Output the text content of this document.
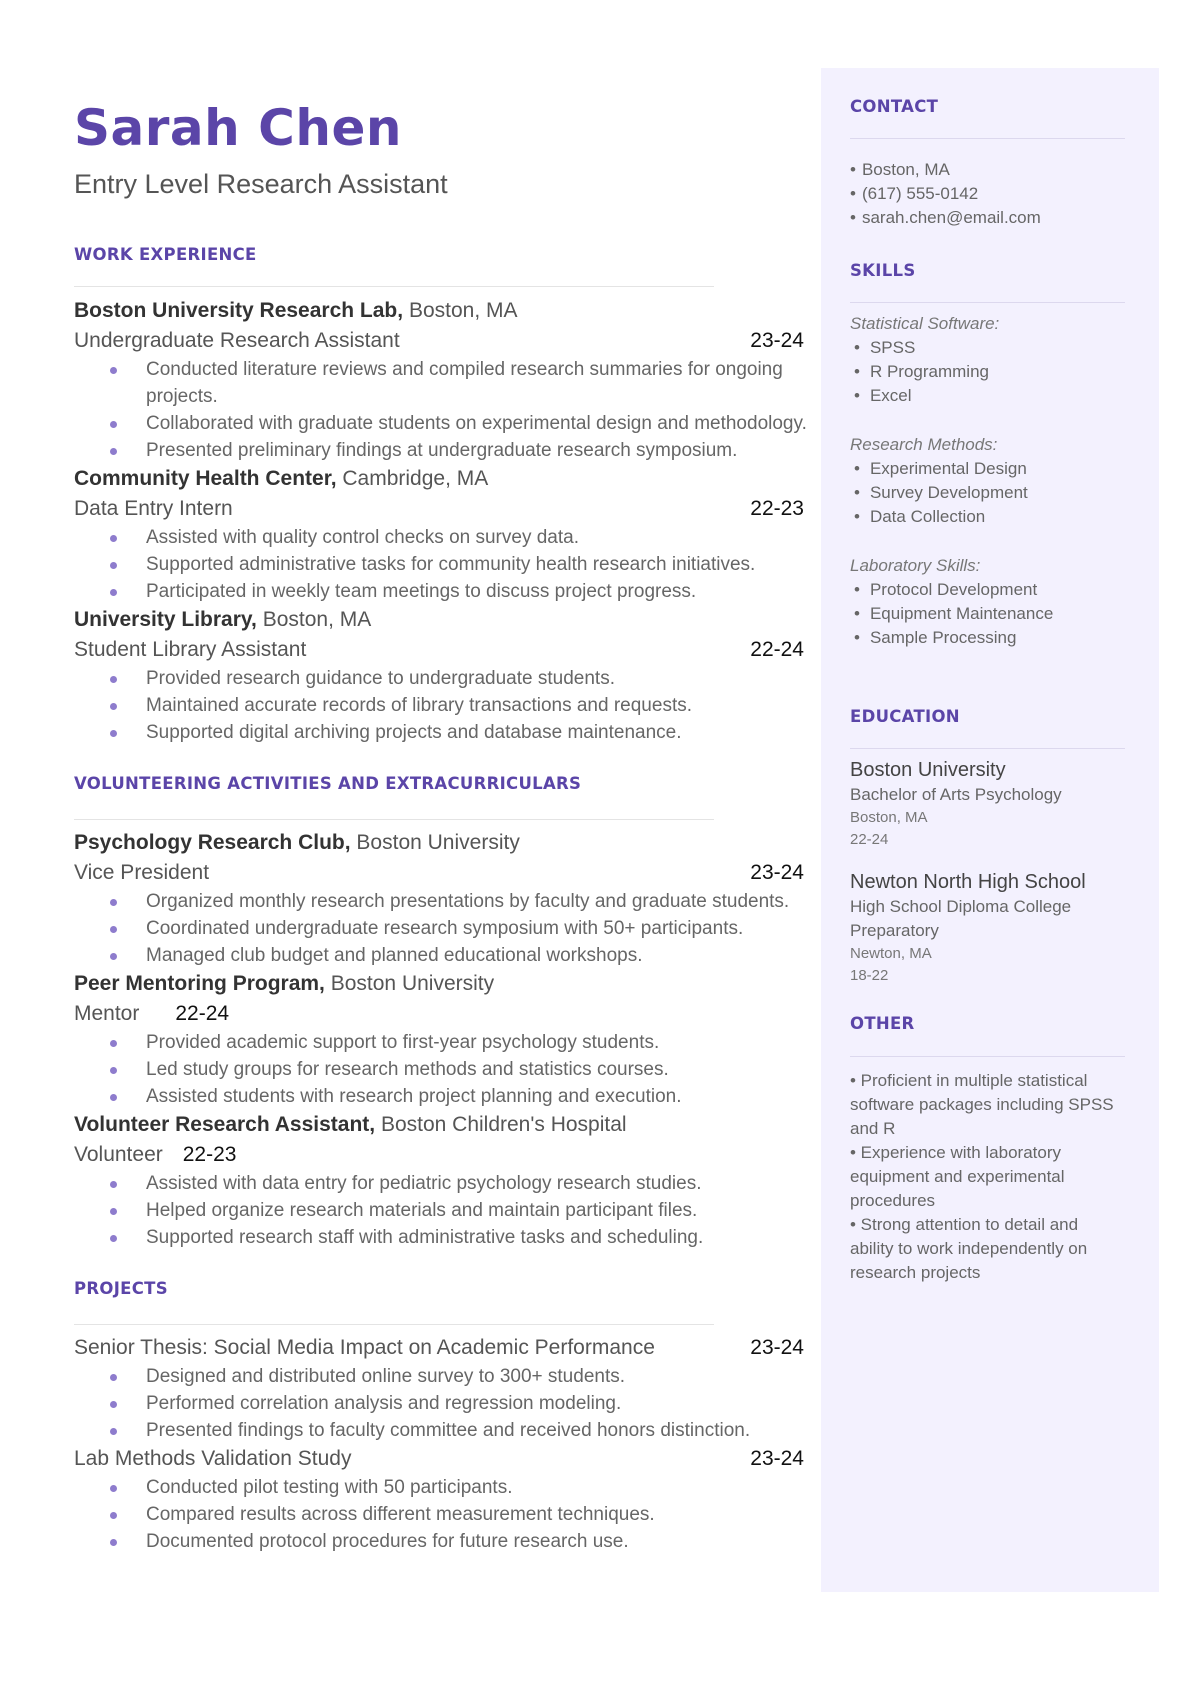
Sarah Chen
Entry Level Research Assistant
WORK EXPERIENCE
Boston University Research Lab, Boston, MA
Undergraduate Research Assistant	23-24
Conducted literature reviews and compiled research summaries for ongoing projects.
Collaborated with graduate students on experimental design and methodology.
Presented preliminary findings at undergraduate research symposium.
Community Health Center, Cambridge, MA
Data Entry Intern	22-23
Assisted with quality control checks on survey data.
Supported administrative tasks for community health research initiatives.
Participated in weekly team meetings to discuss project progress.
University Library, Boston, MA
Student Library Assistant	22-24
Provided research guidance to undergraduate students.
Maintained accurate records of library transactions and requests.
Supported digital archiving projects and database maintenance.
VOLUNTEERING ACTIVITIES AND EXTRACURRICULARS
Psychology Research Club, Boston University
Vice President	23-24
Organized monthly research presentations by faculty and graduate students.
Coordinated undergraduate research symposium with 50+ participants.
Managed club budget and planned educational workshops.
Peer Mentoring Program, Boston University
Mentor 22-24
Provided academic support to first-year psychology students.
Led study groups for research methods and statistics courses.
Assisted students with research project planning and execution.
Volunteer Research Assistant, Boston Children's Hospital
Volunteer 22-23
Assisted with data entry for pediatric psychology research studies.
Helped organize research materials and maintain participant files.
Supported research staff with administrative tasks and scheduling.
PROJECTS
Senior Thesis: Social Media Impact on Academic Performance	23-24
Designed and distributed online survey to 300+ students.
Performed correlation analysis and regression modeling.
Presented findings to faculty committee and received honors distinction.
Lab Methods Validation Study	23-24
Conducted pilot testing with 50 participants.
Compared results across different measurement techniques.
Documented protocol procedures for future research use.
CONTACT
• Boston, MA
• (617) 555-0142
• sarah.chen@email.com
SKILLS
Statistical Software:
• SPSS
• R Programming
• Excel
Research Methods:
• Experimental Design
• Survey Development
• Data Collection
Laboratory Skills:
• Protocol Development
• Equipment Maintenance
• Sample Processing
EDUCATION
Boston University
Bachelor of Arts Psychology
Boston, MA
22-24
Newton North High School
High School Diploma College Preparatory
Newton, MA
18-22
OTHER
• Proficient in multiple statistical software packages including SPSS and R
• Experience with laboratory equipment and experimental procedures
• Strong attention to detail and ability to work independently on research projects
